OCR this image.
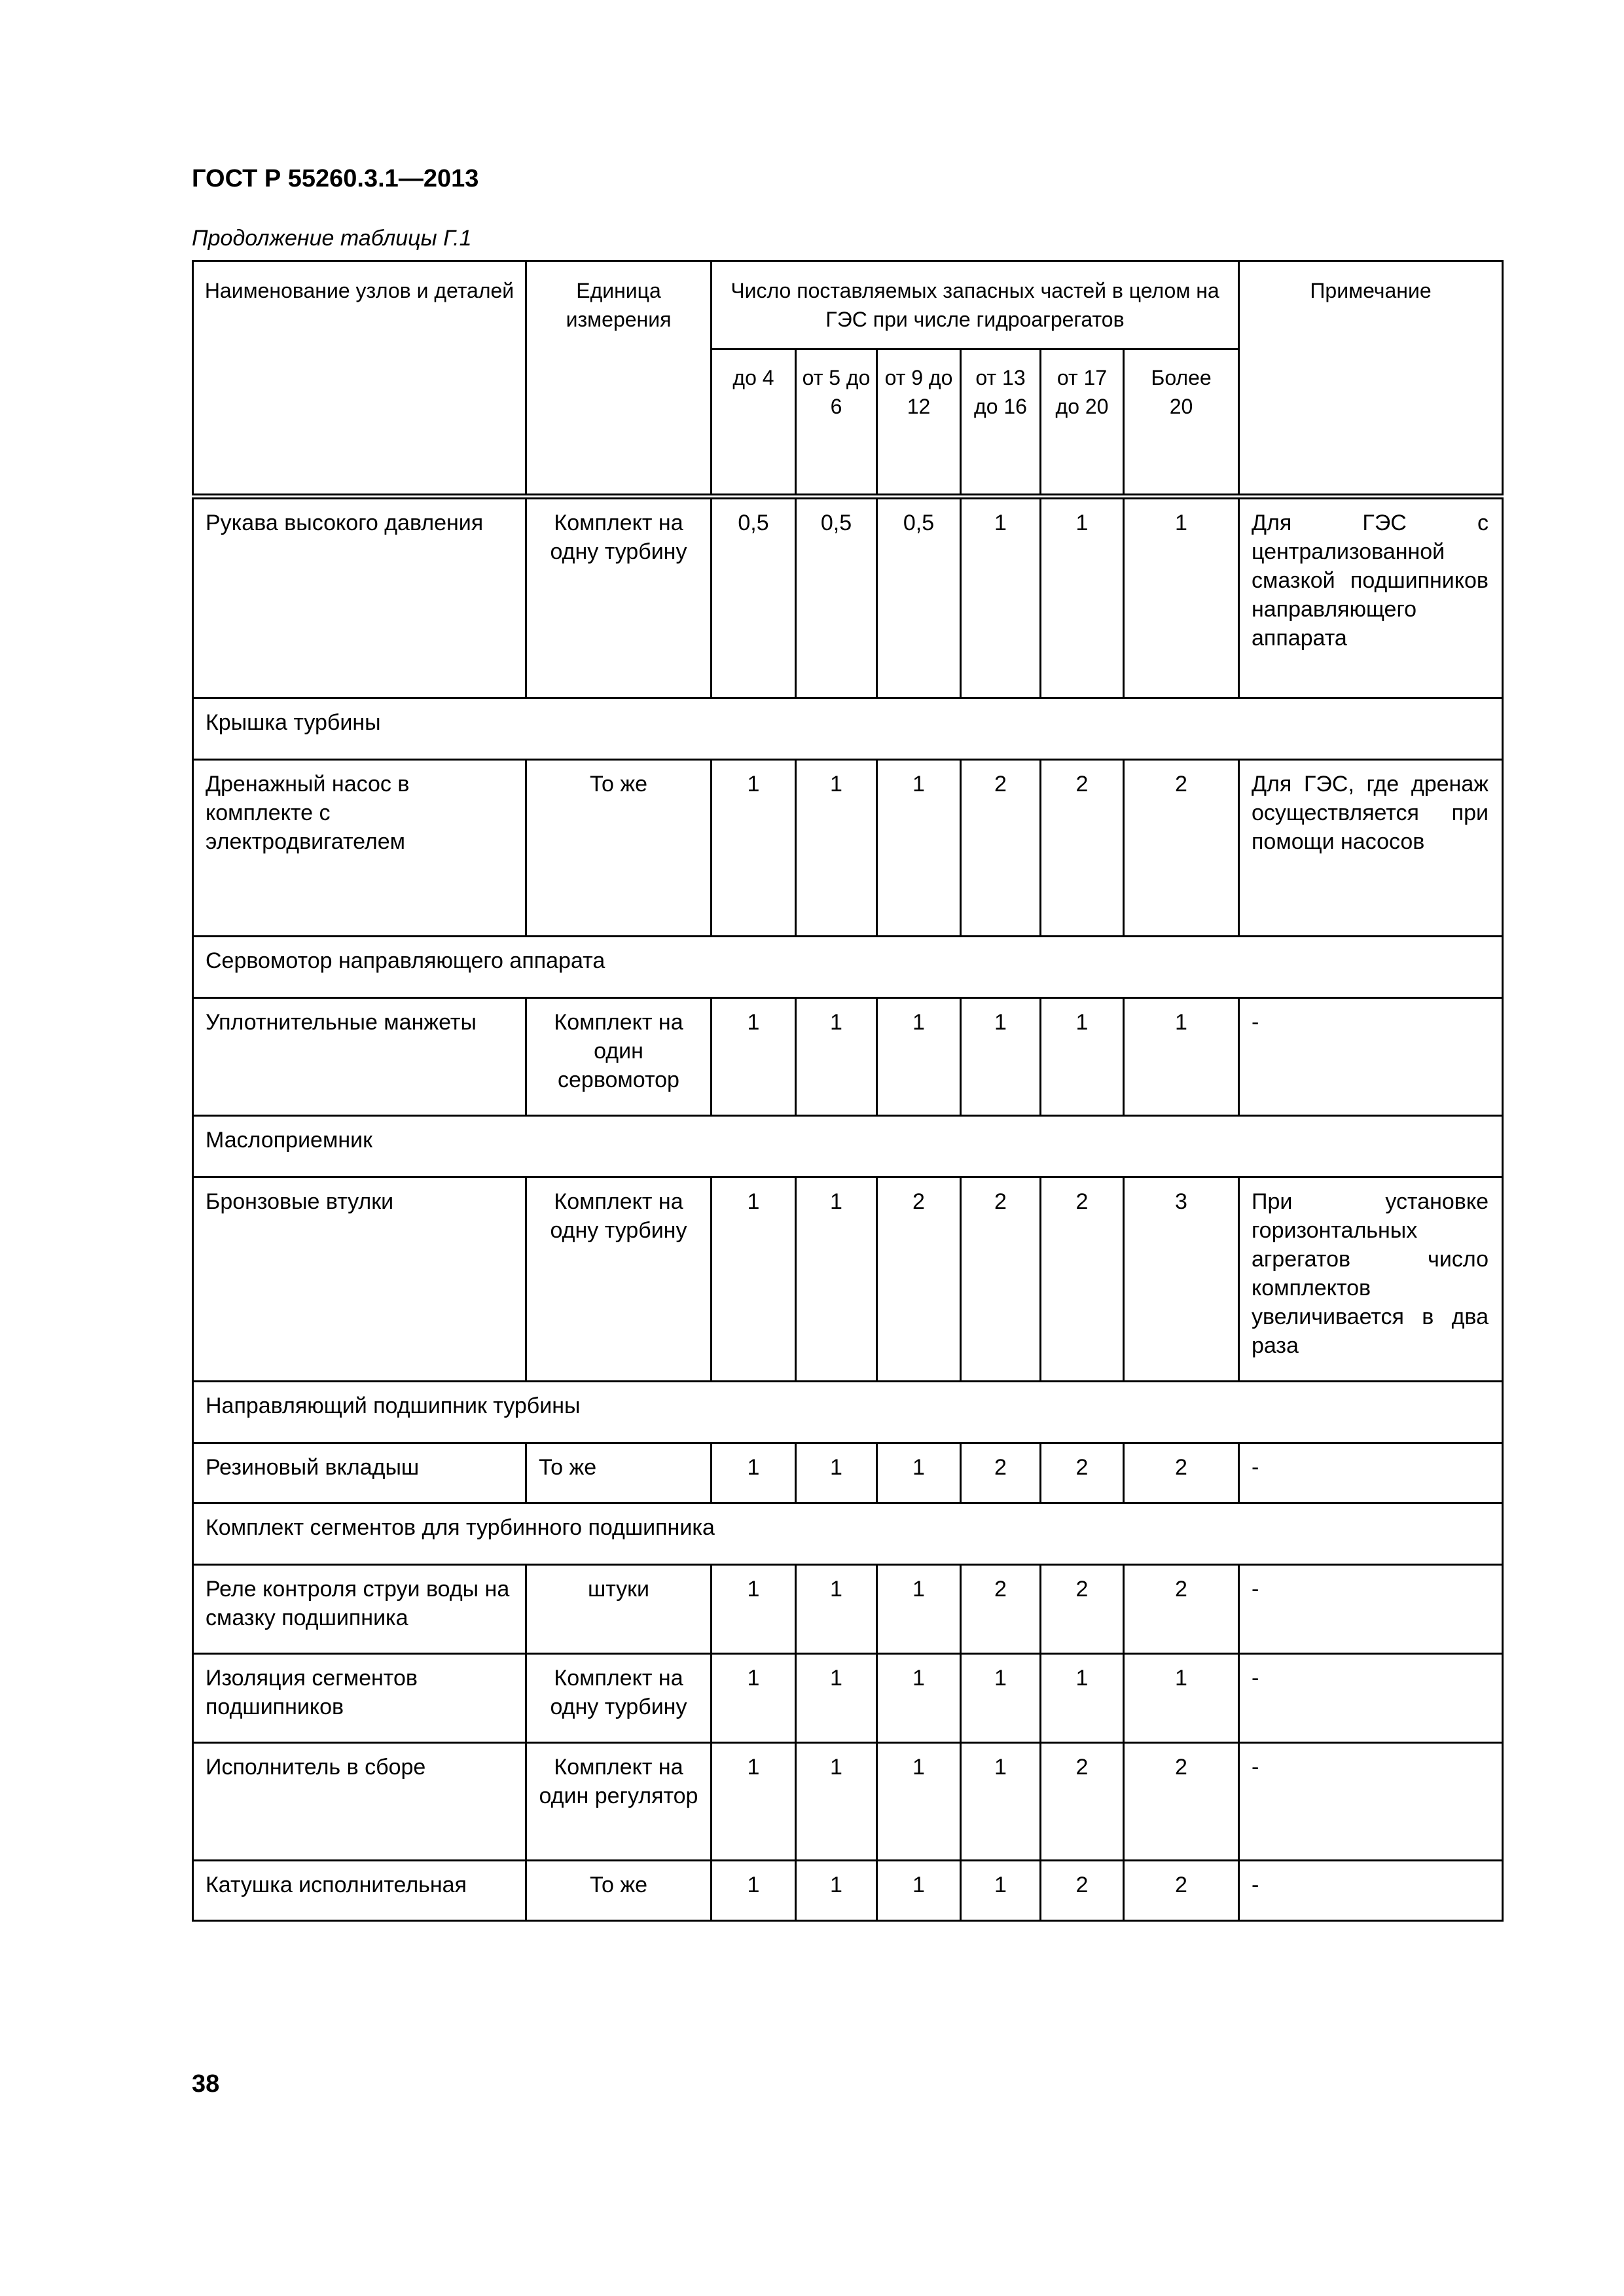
ГОСТ Р 55260.3.1—2013

Продолжение таблицы Г.1

Наименование узлов и деталей	Единица измерения	Число поставляемых запасных частей в целом на ГЭС при числе гидроагрегатов						Примечание
		до 4	от 5 до 6	от 9 до 12	от 13 до 16	от 17 до 20	Более 20	
Рукава высокого давления	Комплект на одну турбину	0,5	0,5	0,5	1	1	1	Для ГЭС с централизованной смазкой подшипников направляющего аппарата
Крышка турбины								
Дренажный насос в комплекте с электродвигателем	То же	1	1	1	2	2	2	Для ГЭС, где дренаж осуществляется при помощи насосов
Сервомотор направляющего аппарата								
Уплотнительные манжеты	Комплект на один сервомотор	1	1	1	1	1	1	-
Маслоприемник								
Бронзовые втулки	Комплект на одну турбину	1	1	2	2	2	3	При установке горизонтальных агрегатов число комплектов увеличивается в два раза
Направляющий подшипник турбины								
Резиновый вкладыш	То же	1	1	1	2	2	2	-
Комплект сегментов для турбинного подшипника								
Реле контроля струи воды на смазку подшипника	штуки	1	1	1	2	2	2	-
Изоляция сегментов подшипников	Комплект на одну турбину	1	1	1	1	1	1	-
Исполнитель в сборе	Комплект на один регулятор	1	1	1	1	2	2	-
Катушка исполнительная	То же	1	1	1	1	2	2	-

38
